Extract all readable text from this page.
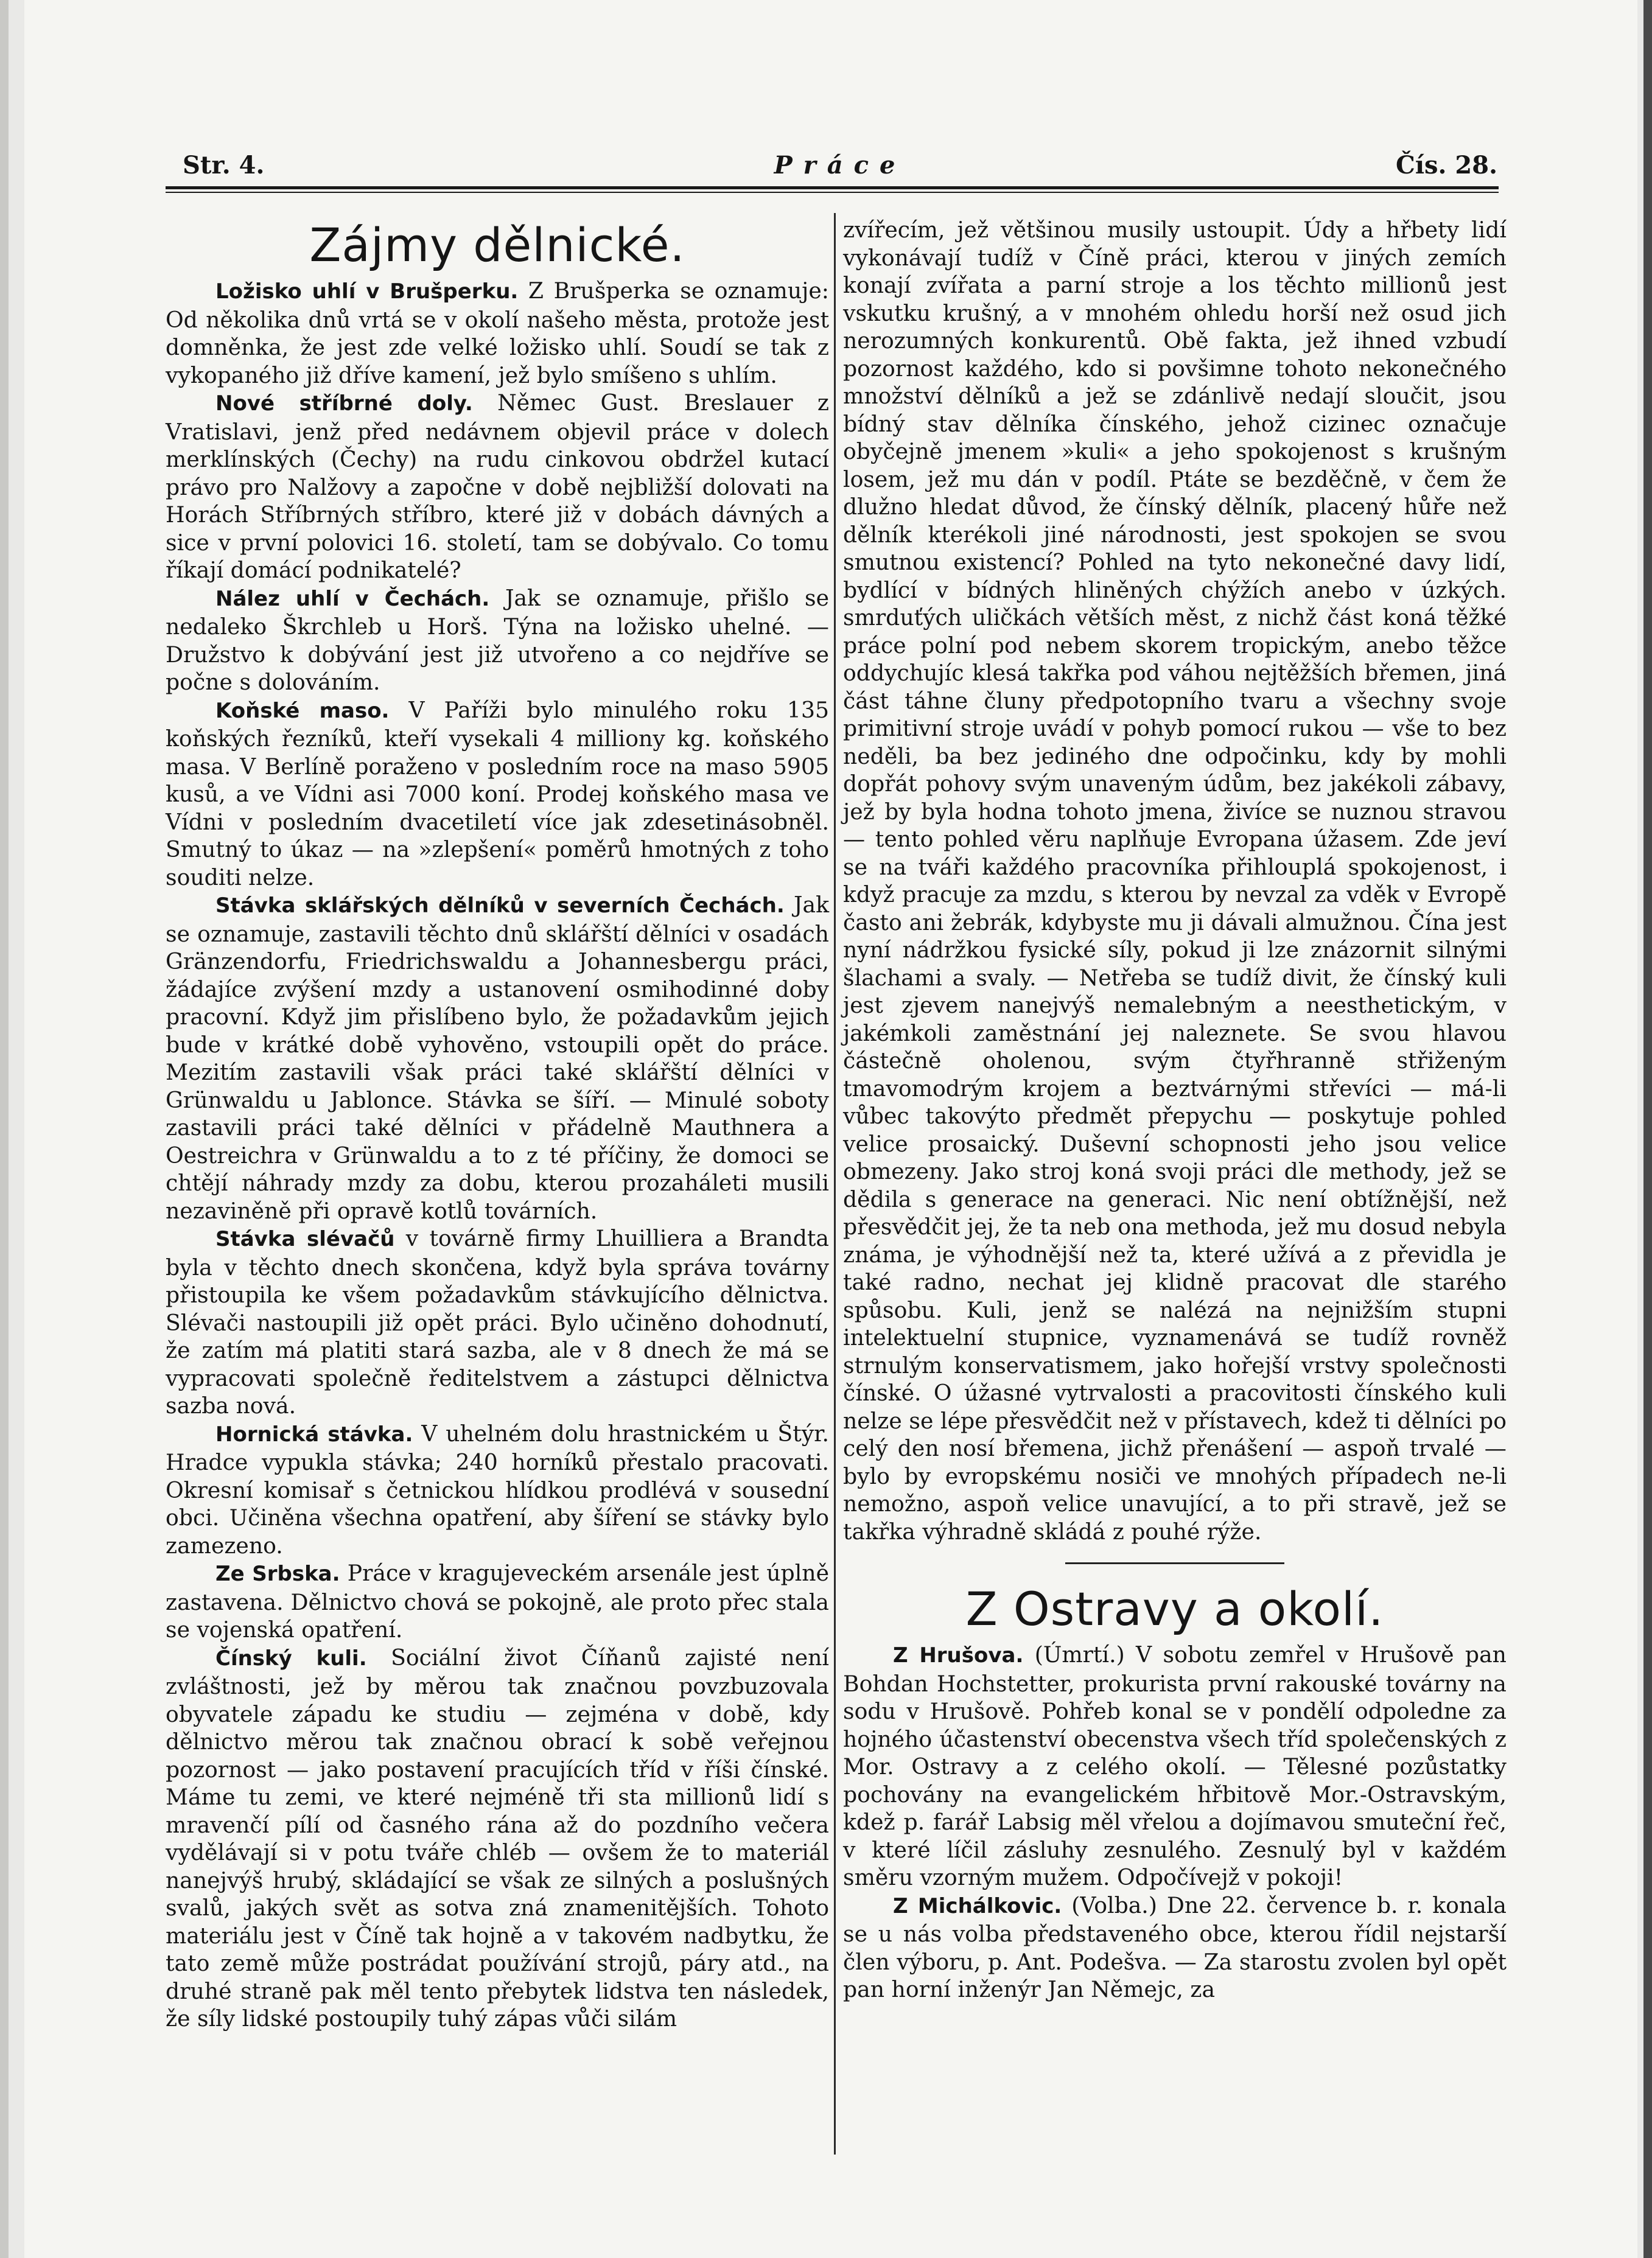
Str. 4.	Práce	Čís. 28.
Zájmy dělnické.

Ložisko uhlí v Brušperku. Z Brušperka se oznamuje: Od několika dnů vrtá se v okolí našeho města, protože jest domněnka, že jest zde velké ložisko uhlí. Soudí se tak z vykopaného již dříve kamení, jež bylo smíšeno s uhlím.

Nové stříbrné doly. Němec Gust. Breslauer z Vratislavi, jenž před nedávnem objevil práce v dolech merklínských (Čechy) na rudu cinkovou obdržel kutací právo pro Nalžovy a započne v době nejbližší dolovati na Horách Stříbrných stříbro, které již v dobách dávných a sice v první polovici 16. století, tam se dobývalo. Co tomu říkají domácí podnikatelé?

Nález uhlí v Čechách. Jak se oznamuje, přišlo se nedaleko Škrchleb u Horš. Týna na ložisko uhelné. — Družstvo k dobývání jest již utvořeno a co nejdříve se počne s dolováním.

Koňské maso. V Paříži bylo minulého roku 135 koňských řezníků, kteří vysekali 4 milliony kg. koňského masa. V Berlíně poraženo v posledním roce na maso 5905 kusů, a ve Vídni asi 7000 koní. Prodej koňského masa ve Vídni v posledním dvacetiletí více jak zdesetinásobněl. Smutný to úkaz — na »zlepšení« poměrů hmotných z toho souditi nelze.

Stávka sklářských dělníků v severních Čechách. Jak se oznamuje, zastavili těchto dnů sklářští dělníci v osadách Gränzendorfu, Friedrichswaldu a Johannesbergu práci, žádajíce zvýšení mzdy a ustanovení osmihodinné doby pracovní. Když jim přislíbeno bylo, že požadavkům jejich bude v krátké době vyhověno, vstoupili opět do práce. Mezitím zastavili však práci také sklářští dělníci v Grünwaldu u Jablonce. Stávka se šíří. — Minulé soboty zastavili práci také dělníci v přádelně Mauthnera a Oestreichra v Grünwaldu a to z té příčiny, že domoci se chtějí náhrady mzdy za dobu, kterou prozaháleti musili nezaviněně při opravě kotlů továrních.

Stávka slévačů v továrně firmy Lhuilliera a Brandta byla v těchto dnech skončena, když byla správa továrny přistoupila ke všem požadavkům stávkujícího dělnictva. Slévači nastoupili již opět práci. Bylo učiněno dohodnutí, že zatím má platiti stará sazba, ale v 8 dnech že má se vypracovati společně ředitelstvem a zástupci dělnictva sazba nová.

Hornická stávka. V uhelném dolu hrastnickém u Štýr. Hradce vypukla stávka; 240 horníků přestalo pracovati. Okresní komisař s četnickou hlídkou prodlévá v sousední obci. Učiněna všechna opatření, aby šíření se stávky bylo zamezeno.

Ze Srbska. Práce v kragujeveckém arsenále jest úplně zastavena. Dělnictvo chová se pokojně, ale proto přec stala se vojenská opatření.

Čínský kuli. Sociální život Číňanů zajisté není zvláštnosti, jež by měrou tak značnou povzbuzovala obyvatele západu ke studiu — zejména v době, kdy dělnictvo měrou tak značnou obrací k sobě veřejnou pozornost — jako postavení pracujících tříd v říši čínské. Máme tu zemi, ve které nejméně tři sta millionů lidí s mravenčí pílí od časného rána až do pozdního večera vydělávají si v potu tváře chléb — ovšem že to materiál nanejvýš hrubý, skládající se však ze silných a poslušných svalů, jakých svět as sotva zná znamenitějších. Tohoto materiálu jest v Číně tak hojně a v takovém nadbytku, že tato země může postrádat používání strojů, páry atd., na druhé straně pak měl tento přebytek lidstva ten následek, že síly lidské postoupily tuhý zápas vůči silám

zvířecím, jež většinou musily ustoupit. Údy a hřbety lidí vykonávají tudíž v Číně práci, kterou v jiných zemích konají zvířata a parní stroje a los těchto millionů jest vskutku krušný, a v mnohém ohledu horší než osud jich nerozumných konkurentů. Obě fakta, jež ihned vzbudí pozornost každého, kdo si povšimne tohoto nekonečného množství dělníků a jež se zdánlivě nedají sloučit, jsou bídný stav dělníka čínského, jehož cizinec označuje obyčejně jmenem »kuli« a jeho spokojenost s krušným losem, jež mu dán v podíl. Ptáte se bezděčně, v čem že dlužno hledat důvod, že čínský dělník, placený hůře než dělník kterékoli jiné národnosti, jest spokojen se svou smutnou existencí? Pohled na tyto nekonečné davy lidí, bydlící v bídných hliněných chýžích anebo v úzkých. smrduťých uličkách větších měst, z nichž část koná těžké práce polní pod nebem skorem tropickým, anebo těžce oddychujíc klesá takřka pod váhou nejtěžších břemen, jiná část táhne čluny předpotopního tvaru a všechny svoje primitivní stroje uvádí v pohyb pomocí rukou — vše to bez neděli, ba bez jediného dne odpočinku, kdy by mohli dopřát pohovy svým unaveným údům, bez jakékoli zábavy, jež by byla hodna tohoto jmena, živíce se nuznou stravou — tento pohled věru naplňuje Evropana úžasem. Zde jeví se na tváři každého pracovníka přihlouplá spokojenost, i když pracuje za mzdu, s kterou by nevzal za vděk v Evropě často ani žebrák, kdybyste mu ji dávali almužnou. Čína jest nyní nádržkou fysické síly, pokud ji lze znázornit silnými šlachami a svaly. — Netřeba se tudíž divit, že čínský kuli jest zjevem nanejvýš nemalebným a neesthetickým, v jakémkoli zaměstnání jej naleznete. Se svou hlavou částečně oholenou, svým čtyřhranně střiženým tmavomodrým krojem a beztvárnými střevíci — má-li vůbec takovýto předmět přepychu — poskytuje pohled velice prosaický. Duševní schopnosti jeho jsou velice obmezeny. Jako stroj koná svoji práci dle methody, jež se dědila s generace na generaci. Nic není obtížnější, než přesvědčit jej, že ta neb ona methoda, jež mu dosud nebyla známa, je výhodnější než ta, které užívá a z převidla je také radno, nechat jej klidně pracovat dle starého spůsobu. Kuli, jenž se nalézá na nejnižším stupni intelektuelní stupnice, vyznamenává se tudíž rovněž strnulým konservatismem, jako hořejší vrstvy společnosti čínské. O úžasné vytrvalosti a pracovitosti čínského kuli nelze se lépe přesvědčit než v přístavech, kdež ti dělníci po celý den nosí břemena, jichž přenášení — aspoň trvalé — bylo by evropskému nosiči ve mnohých případech ne-li nemožno, aspoň velice unavující, a to při stravě, jež se takřka výhradně skládá z pouhé rýže.

Z Ostravy a okolí.

Z Hrušova. (Úmrtí.) V sobotu zemřel v Hrušově pan Bohdan Hochstetter, prokurista první rakouské továrny na sodu v Hrušově. Pohřeb konal se v pondělí odpoledne za hojného účastenství obecenstva všech tříd společenských z Mor. Ostravy a z celého okolí. — Tělesné pozůstatky pochovány na evangelickém hřbitově Mor.-Ostravským, kdež p. farář Labsig měl vřelou a dojímavou smuteční řeč, v které líčil zásluhy zesnulého. Zesnulý byl v každém směru vzorným mužem. Odpočívejž v pokoji!

Z Michálkovic. (Volba.) Dne 22. července b. r. konala se u nás volba představeného obce, kterou řídil nejstarší člen výboru, p. Ant. Podešva. — Za starostu zvolen byl opět pan horní inženýr Jan Němejc, za
